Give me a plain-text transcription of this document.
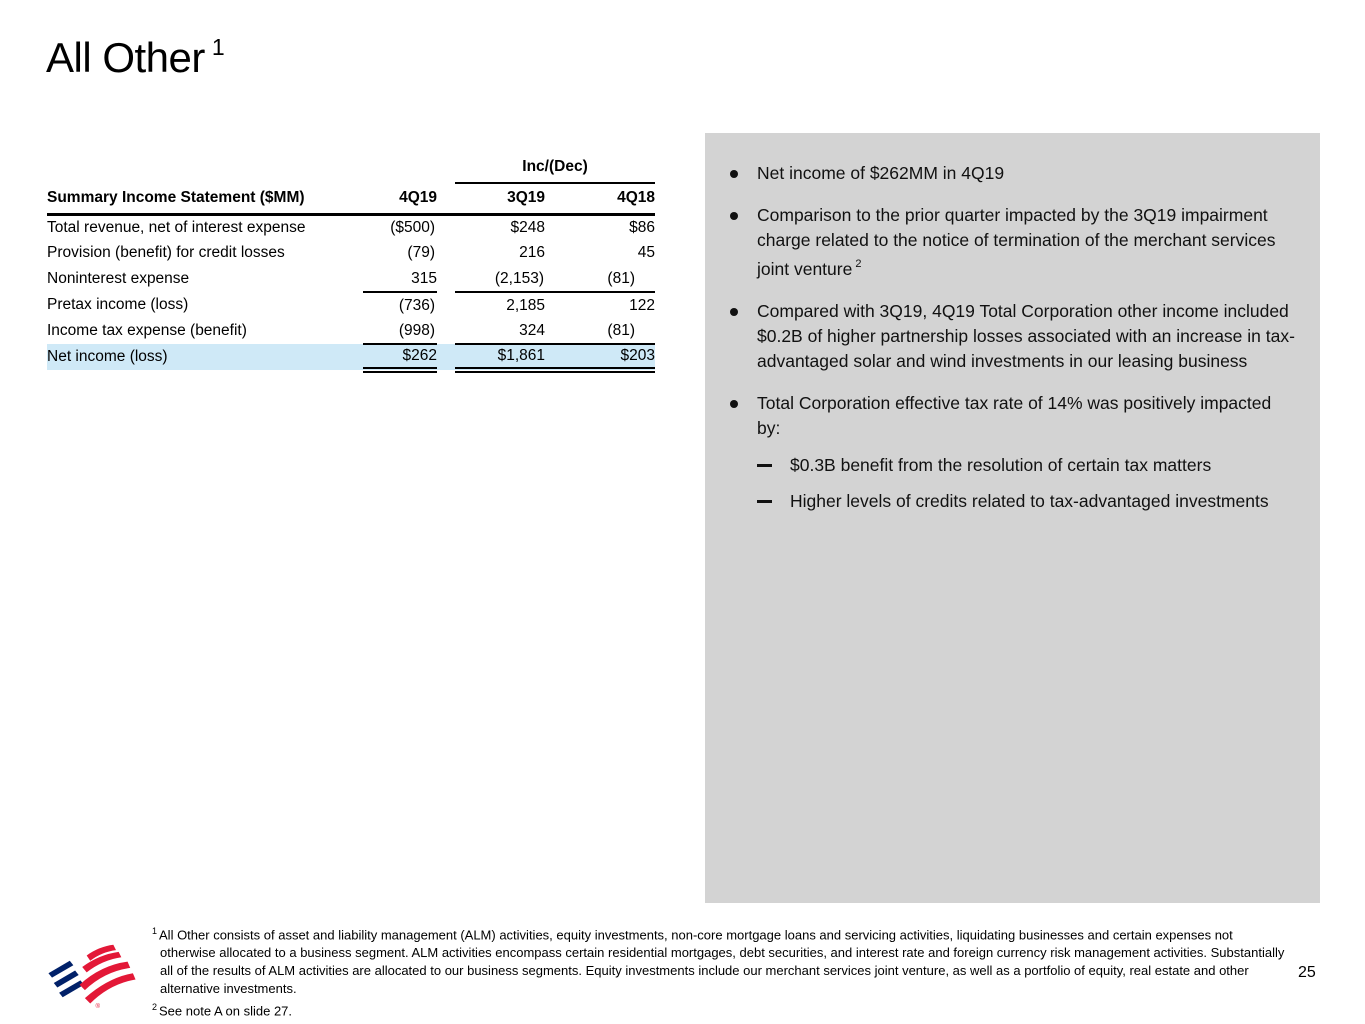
All Other $^1$
			Inc/(Dec)	
Summary Income Statement ($MM)	4Q19		3Q19	4Q18
Total revenue, net of interest expense	($500)		$248	$86
Provision (benefit) for credit losses	(79)		216	45
Noninterest expense	315		(2,153)	(81)
Pretax income (loss)	(736)		2,185	122
Income tax expense (benefit)	(998)		324	(81)
Net income (loss)	$262		$1,861	$203
Net income of $262MM in 4Q19
Comparison to the prior quarter impacted by the 3Q19 impairment charge related to the notice of termination of the merchant services joint venture $^2$
Compared with 3Q19, 4Q19 Total Corporation other income included $0.2B of higher partnership losses associated with an increase in tax-advantaged solar and wind investments in our leasing business
Total Corporation effective tax rate of 14% was positively impacted by:
$0.3B benefit from the resolution of certain tax matters
Higher levels of credits related to tax-advantaged investments
®

$^1$ All Other consists of asset and liability management (ALM) activities, equity investments, non-core mortgage loans and servicing activities, liquidating businesses and certain expenses not otherwise allocated to a business segment. ALM activities encompass certain residential mortgages, debt securities, and interest rate and foreign currency risk management activities. Substantially all of the results of ALM activities are allocated to our business segments. Equity investments include our merchant services joint venture, as well as a portfolio of equity, real estate and other alternative investments.

$^2$ See note A on slide 27.

25
